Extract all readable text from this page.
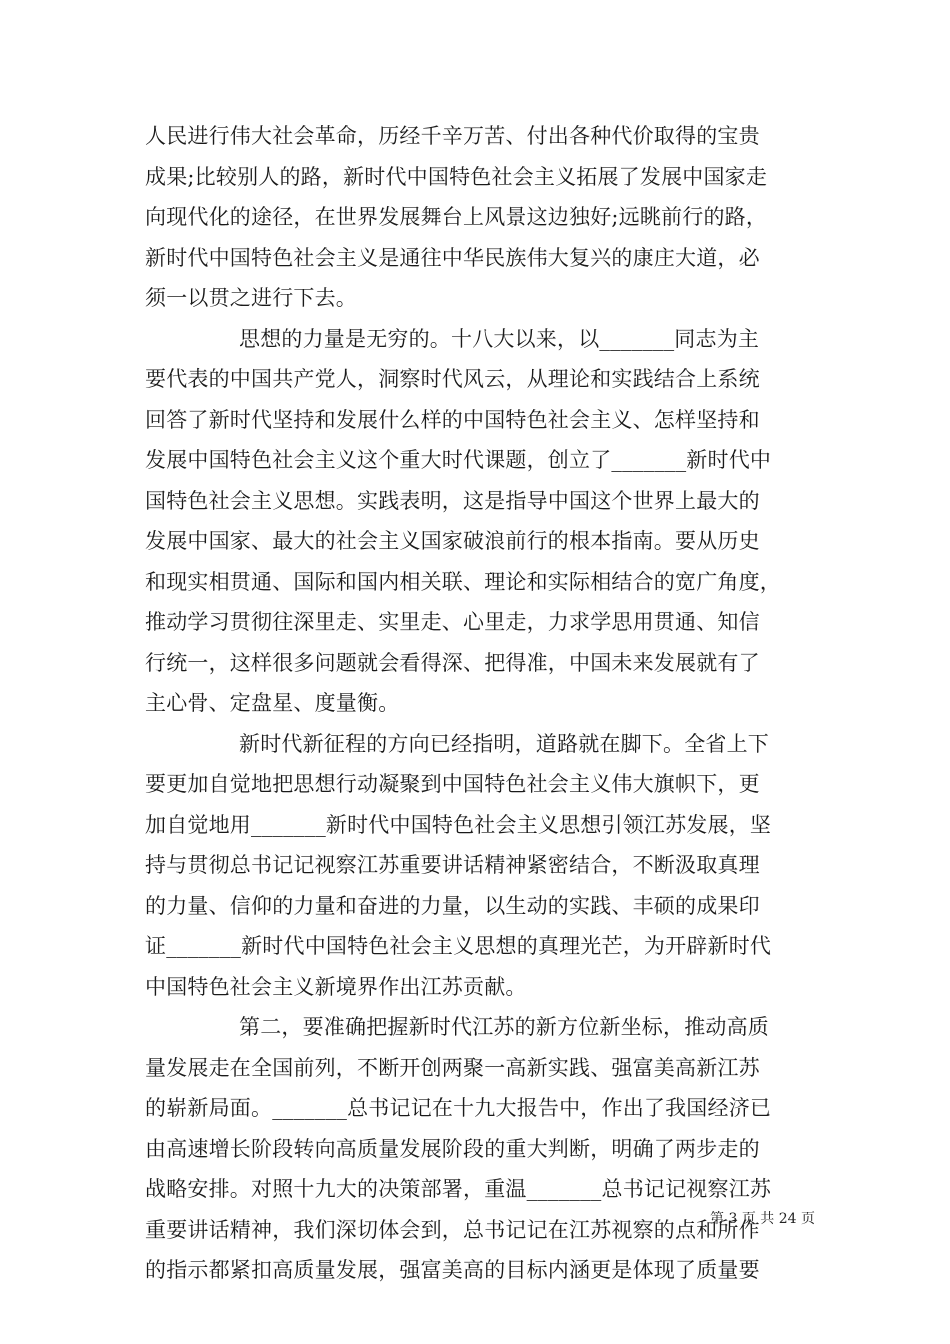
人民进行伟大社会革命，历经千辛万苦、付出各种代价取得的宝贵
成果;比较别人的路，新时代中国特色社会主义拓展了发展中国家走
向现代化的途径，在世界发展舞台上风景这边独好;远眺前行的路，
新时代中国特色社会主义是通往中华民族伟大复兴的康庄大道，必
须一以贯之进行下去。
思想的力量是无穷的。十八大以来，以_______同志为主
要代表的中国共产党人，洞察时代风云，从理论和实践结合上系统
回答了新时代坚持和发展什么样的中国特色社会主义、怎样坚持和
发展中国特色社会主义这个重大时代课题，创立了_______新时代中
国特色社会主义思想。实践表明，这是指导中国这个世界上最大的
发展中国家、最大的社会主义国家破浪前行的根本指南。要从历史
和现实相贯通、国际和国内相关联、理论和实际相结合的宽广角度，
推动学习贯彻往深里走、实里走、心里走，力求学思用贯通、知信
行统一，这样很多问题就会看得深、把得准，中国未来发展就有了
主心骨、定盘星、度量衡。
新时代新征程的方向已经指明，道路就在脚下。全省上下
要更加自觉地把思想行动凝聚到中国特色社会主义伟大旗帜下，更
加自觉地用_______新时代中国特色社会主义思想引领江苏发展，坚
持与贯彻总书记记视察江苏重要讲话精神紧密结合，不断汲取真理
的力量、信仰的力量和奋进的力量，以生动的实践、丰硕的成果印
证_______新时代中国特色社会主义思想的真理光芒，为开辟新时代
中国特色社会主义新境界作出江苏贡献。
第二，要准确把握新时代江苏的新方位新坐标，推动高质
量发展走在全国前列，不断开创两聚一高新实践、强富美高新江苏
的崭新局面。_______总书记记在十九大报告中，作出了我国经济已
由高速增长阶段转向高质量发展阶段的重大判断，明确了两步走的
战略安排。对照十九大的决策部署，重温_______总书记记视察江苏
重要讲话精神，我们深切体会到，总书记记在江苏视察的点和所作
的指示都紧扣高质量发展，强富美高的目标内涵更是体现了质量要
第 3 页 共 24 页
